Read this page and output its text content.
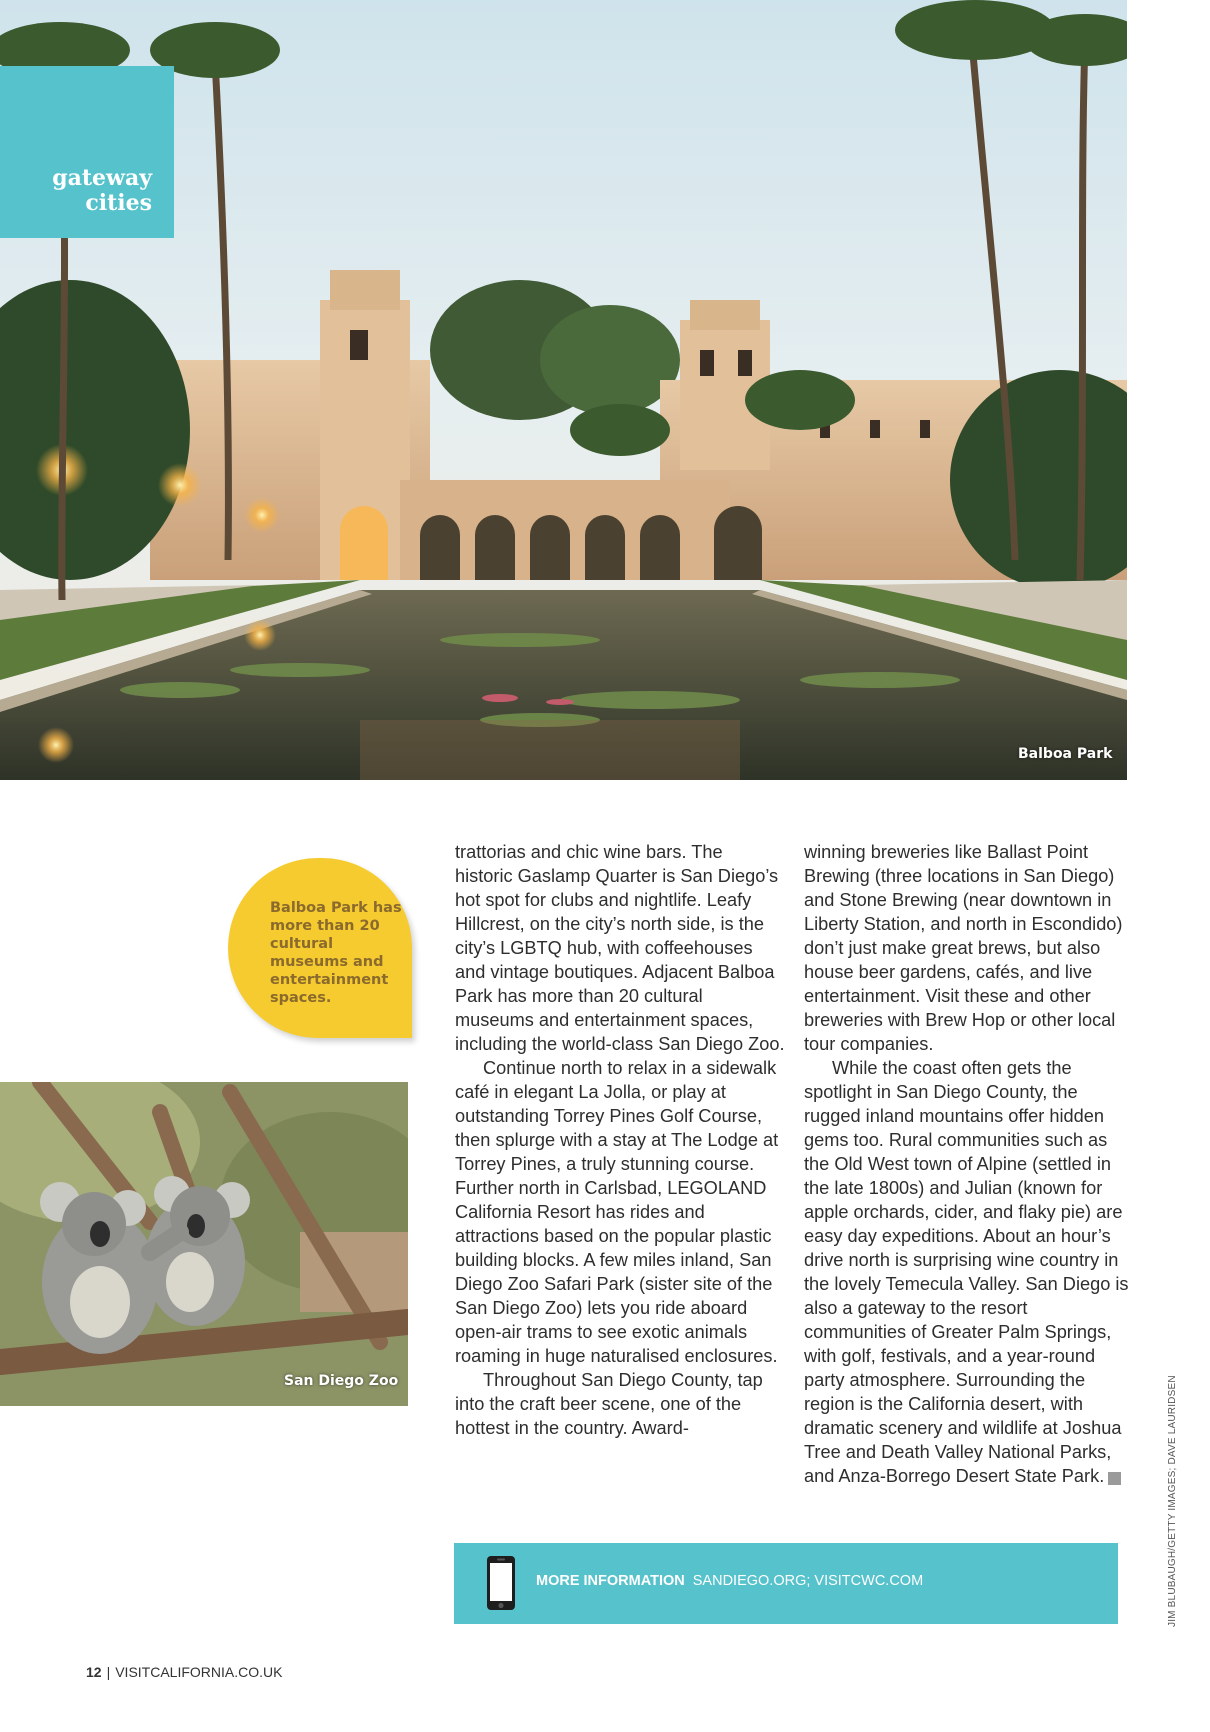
gateway
cities
Balboa Park
Balboa Park has more than 20 cultural museums and entertainment spaces.
San Diego Zoo

trattorias and chic wine bars. The historic Gaslamp Quarter is San Diego’s hot spot for clubs and nightlife. Leafy Hillcrest, on the city’s north side, is the city’s LGBTQ hub, with coffeehouses and vintage boutiques. Adjacent Balboa Park has more than 20 cultural museums and entertainment spaces, including the world-class San Diego Zoo.

Continue north to relax in a sidewalk café in elegant La Jolla, or play at outstanding Torrey Pines Golf Course, then splurge with a stay at The Lodge at Torrey Pines, a truly stunning course. Further north in Carlsbad, LEGOLAND California Resort has rides and attractions based on the popular plastic building blocks. A few miles inland, San Diego Zoo Safari Park (sister site of the San Diego Zoo) lets you ride aboard open-air trams to see exotic animals roaming in huge naturalised enclosures.

Throughout San Diego County, tap into the craft beer scene, one of the hottest in the country. Award-

winning breweries like Ballast Point Brewing (three locations in San Diego) and Stone Brewing (near downtown in Liberty Station, and north in Escondido) don’t just make great brews, but also house beer gardens, cafés, and live entertainment. Visit these and other breweries with Brew Hop or other local tour companies.

While the coast often gets the spotlight in San Diego County, the rugged inland mountains offer hidden gems too. Rural communities such as the Old West town of Alpine (settled in the late 1800s) and Julian (known for apple orchards, cider, and flaky pie) are easy day expeditions. About an hour’s drive north is surprising wine country in the lovely Temecula Valley. San Diego is also a gateway to the resort communities of Greater Palm Springs, with golf, festivals, and a year-round party atmosphere. Surrounding the region is the California desert, with dramatic scenery and wildlife at Joshua Tree and Death Valley National Parks, and Anza-Borrego Desert State Park.	C

MORE INFORMATION SANDIEGO.ORG; VISITCWC.COM	JIM BLUBAUGH/GETTY IMAGES; DAVE LAURIDSEN
12 | VISITCALIFORNIA.CO.UK
